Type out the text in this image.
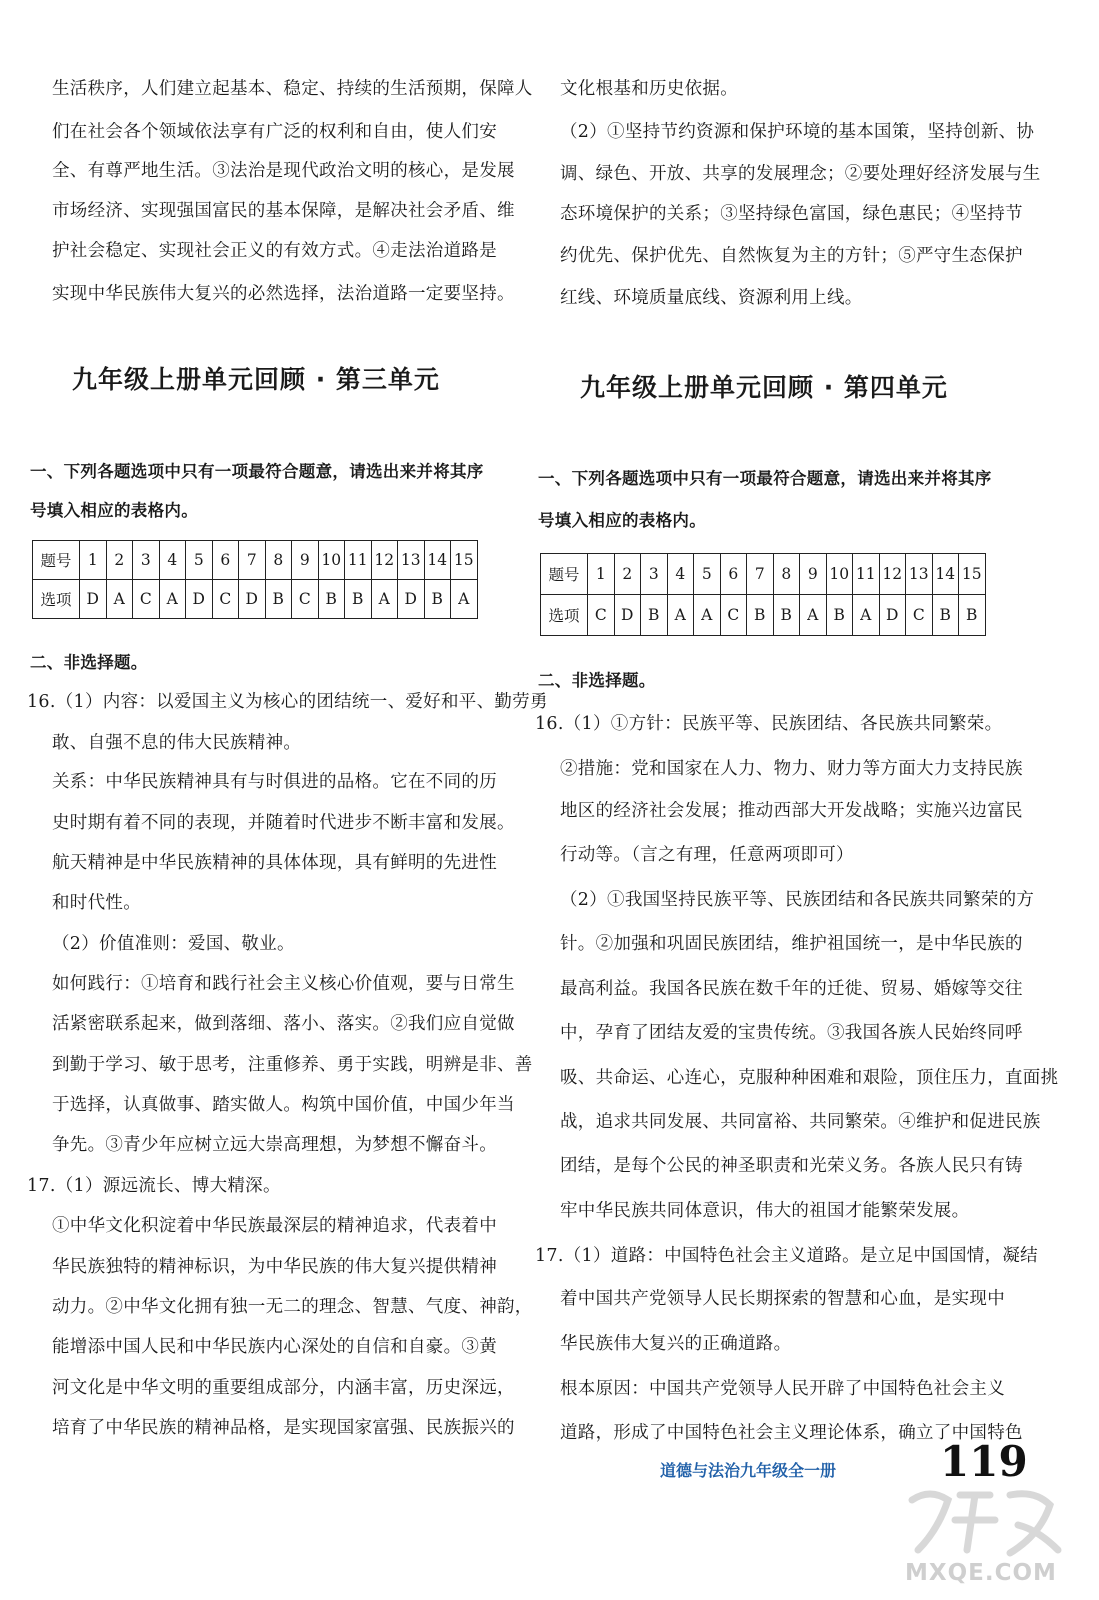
生活秩序，人们建立起基本、稳定、持续的生活预期，保障人
们在社会各个领域依法享有广泛的权利和自由，使人们安
全、有尊严地生活。③法治是现代政治文明的核心，是发展
市场经济、实现强国富民的基本保障，是解决社会矛盾、维
护社会稳定、实现社会正义的有效方式。④走法治道路是
实现中华民族伟大复兴的必然选择，法治道路一定要坚持。
九年级上册单元回顾 · 第三单元
一、下列各题选项中只有一项最符合题意，请选出来并将其序
号填入相应的表格内。
题号	1	2	3	4	5	6	7	8	9	10	11	12	13	14	15
选项	D	A	C	A	D	C	D	B	C	B	B	A	D	B	A
二、非选择题。
16.（1）内容：以爱国主义为核心的团结统一、爱好和平、勤劳勇
敢、自强不息的伟大民族精神。
关系：中华民族精神具有与时俱进的品格。它在不同的历
史时期有着不同的表现，并随着时代进步不断丰富和发展。
航天精神是中华民族精神的具体体现，具有鲜明的先进性
和时代性。
（2）价值准则：爱国、敬业。
如何践行：①培育和践行社会主义核心价值观，要与日常生
活紧密联系起来，做到落细、落小、落实。②我们应自觉做
到勤于学习、敏于思考，注重修养、勇于实践，明辨是非、善
于选择，认真做事、踏实做人。构筑中国价值，中国少年当
争先。③青少年应树立远大崇高理想，为梦想不懈奋斗。
17.（1）源远流长、博大精深。
①中华文化积淀着中华民族最深层的精神追求，代表着中
华民族独特的精神标识，为中华民族的伟大复兴提供精神
动力。②中华文化拥有独一无二的理念、智慧、气度、神韵，
能增添中国人民和中华民族内心深处的自信和自豪。③黄
河文化是中华文明的重要组成部分，内涵丰富，历史深远，
培育了中华民族的精神品格，是实现国家富强、民族振兴的
文化根基和历史依据。
（2）①坚持节约资源和保护环境的基本国策，坚持创新、协
调、绿色、开放、共享的发展理念；②要处理好经济发展与生
态环境保护的关系；③坚持绿色富国，绿色惠民；④坚持节
约优先、保护优先、自然恢复为主的方针；⑤严守生态保护
红线、环境质量底线、资源利用上线。
九年级上册单元回顾 · 第四单元
一、下列各题选项中只有一项最符合题意，请选出来并将其序
号填入相应的表格内。
题号	1	2	3	4	5	6	7	8	9	10	11	12	13	14	15
选项	C	D	B	A	A	C	B	B	A	B	A	D	C	B	B
二、非选择题。
16.（1）①方针：民族平等、民族团结、各民族共同繁荣。
②措施：党和国家在人力、物力、财力等方面大力支持民族
地区的经济社会发展；推动西部大开发战略；实施兴边富民
行动等。（言之有理，任意两项即可）
（2）①我国坚持民族平等、民族团结和各民族共同繁荣的方
针。②加强和巩固民族团结，维护祖国统一，是中华民族的
最高利益。我国各民族在数千年的迁徙、贸易、婚嫁等交往
中，孕育了团结友爱的宝贵传统。③我国各族人民始终同呼
吸、共命运、心连心，克服种种困难和艰险，顶住压力，直面挑
战，追求共同发展、共同富裕、共同繁荣。④维护和促进民族
团结，是每个公民的神圣职责和光荣义务。各族人民只有铸
牢中华民族共同体意识，伟大的祖国才能繁荣发展。
17.（1）道路：中国特色社会主义道路。是立足中国国情，凝结
着中国共产党领导人民长期探索的智慧和心血，是实现中
华民族伟大复兴的正确道路。
根本原因：中国共产党领导人民开辟了中国特色社会主义
道路，形成了中国特色社会主义理论体系，确立了中国特色
道德与法治九年级全一册 119
MXQE.COM
